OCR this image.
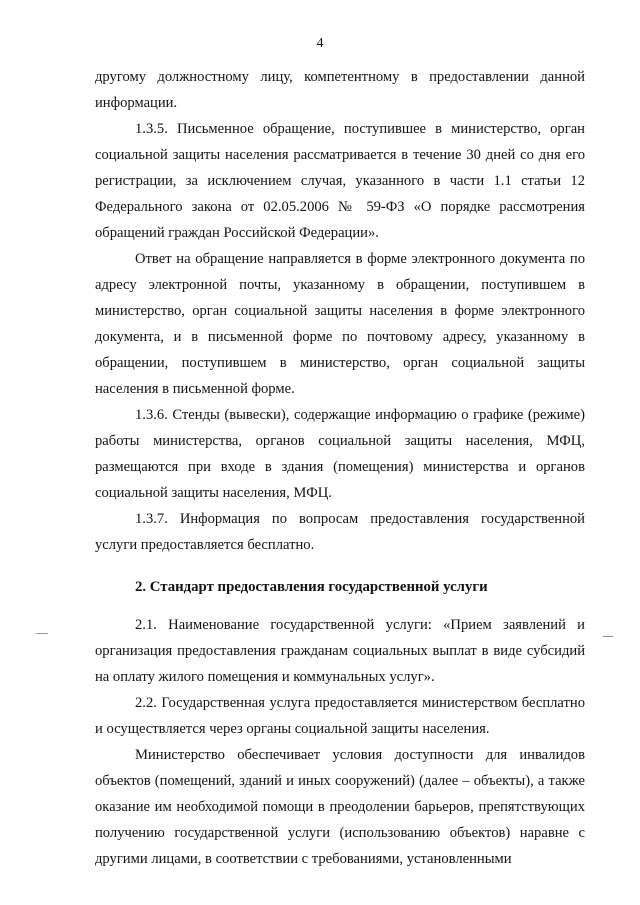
4

другому должностному лицу, компетентному в предоставлении данной информации.

1.3.5. Письменное обращение, поступившее в министерство, орган социальной защиты населения рассматривается в течение 30 дней со дня его регистрации, за исключением случая, указанного в части 1.1 статьи 12 Федерального закона от 02.05.2006 № 59-ФЗ «О порядке рассмотрения обращений граждан Российской Федерации».

Ответ на обращение направляется в форме электронного документа по адресу электронной почты, указанному в обращении, поступившем в министерство, орган социальной защиты населения в форме электронного документа, и в письменной форме по почтовому адресу, указанному в обращении, поступившем в министерство, орган социальной защиты населения в письменной форме.

1.3.6. Стенды (вывески), содержащие информацию о графике (режиме) работы министерства, органов социальной защиты населения, МФЦ, размещаются при входе в здания (помещения) министерства и органов социальной защиты населения, МФЦ.

1.3.7. Информация по вопросам предоставления государственной услуги предоставляется бесплатно.

2. Стандарт предоставления государственной услуги

2.1. Наименование государственной услуги: «Прием заявлений и организация предоставления гражданам социальных выплат в виде субсидий на оплату жилого помещения и коммунальных услуг».

2.2. Государственная услуга предоставляется министерством бесплатно и осуществляется через органы социальной защиты населения.

Министерство обеспечивает условия доступности для инвалидов объектов (помещений, зданий и иных сооружений) (далее – объекты), а также оказание им необходимой помощи в преодолении барьеров, препятствующих получению государственной услуги (использованию объектов) наравне с другими лицами, в соответствии с требованиями, установленными
